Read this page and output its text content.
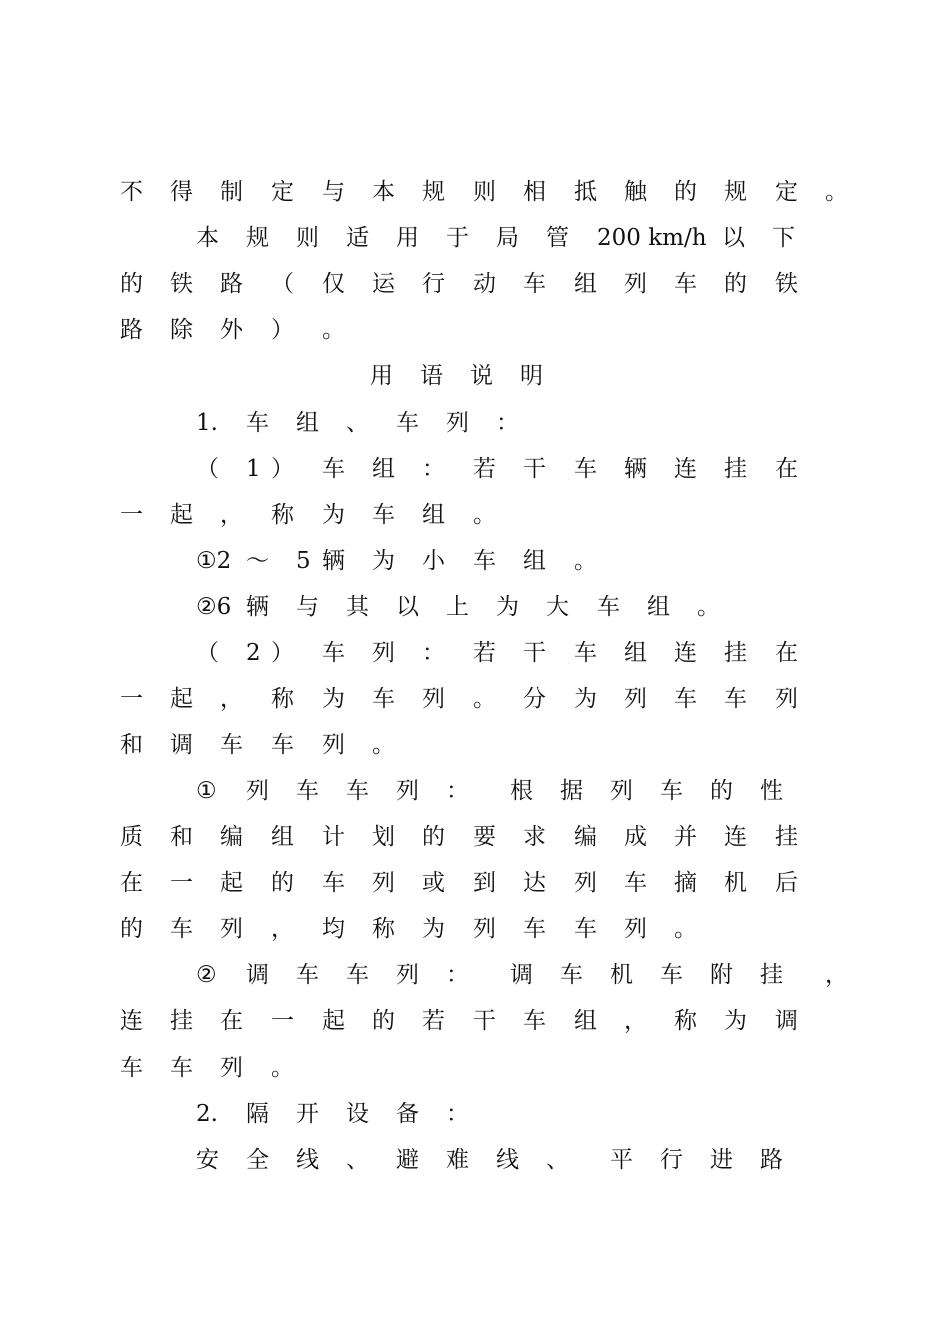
不 得 制 定 与 本 规 则 相 抵 触 的 规 定 。
本 规 则 适 用 于 局 管 200 km/h 以 下
的 铁 路 （ 仅 运 行 动 车 组 列 车 的 铁
路 除 外 ） 。
用 语 说 明
1. 车 组 、 车 列 ：
（ 1 ） 车 组 ： 若 干 车 辆 连 挂 在
一 起 ， 称 为 车 组 。
①2 ～ 5 辆 为 小 车 组 。
②6 辆 与 其 以 上 为 大 车 组 。
（ 2 ） 车 列 ： 若 干 车 组 连 挂 在
一 起 ， 称 为 车 列 。 分 为 列 车 车 列
和 调 车 车 列 。
① 列 车 车 列 ： 根 据 列 车 的 性
质 和 编 组 计 划 的 要 求 编 成 并 连 挂
在 一 起 的 车 列 或 到 达 列 车 摘 机 后
的 车 列 ， 均 称 为 列 车 车 列 。
② 调 车 车 列 ： 调 车 机 车 附 挂 ，
连 挂 在 一 起 的 若 干 车 组 ， 称 为 调
车 车 列 。
2. 隔 开 设 备 ：
安 全 线 、 避 难 线 、 平 行 进 路
